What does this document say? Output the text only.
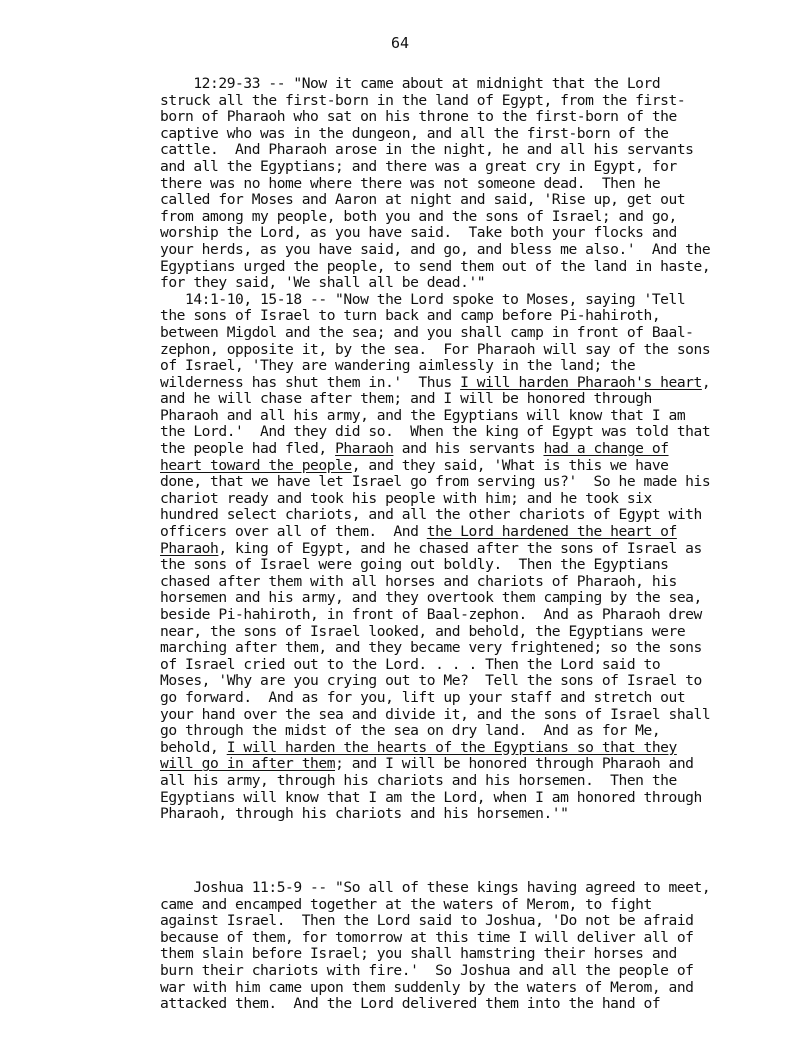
64
12:29-33 -- "Now it came about at midnight that the Lord
struck all the first-born in the land of Egypt, from the first-
born of Pharaoh who sat on his throne to the first-born of the
captive who was in the dungeon, and all the first-born of the
cattle.  And Pharaoh arose in the night, he and all his servants
and all the Egyptians; and there was a great cry in Egypt, for
there was no home where there was not someone dead.  Then he
called for Moses and Aaron at night and said, 'Rise up, get out
from among my people, both you and the sons of Israel; and go,
worship the Lord, as you have said.  Take both your flocks and
your herds, as you have said, and go, and bless me also.'  And the
Egyptians urged the people, to send them out of the land in haste,
for they said, 'We shall all be dead.'"
14:1-10, 15-18 -- "Now the Lord spoke to Moses, saying 'Tell
the sons of Israel to turn back and camp before Pi-hahiroth,
between Migdol and the sea; and you shall camp in front of Baal-
zephon, opposite it, by the sea.  For Pharaoh will say of the sons
of Israel, 'They are wandering aimlessly in the land; the
wilderness has shut them in.'  Thus I will harden Pharaoh's heart,
and he will chase after them; and I will be honored through
Pharaoh and all his army, and the Egyptians will know that I am
the Lord.'  And they did so.  When the king of Egypt was told that
the people had fled, Pharaoh and his servants had a change of
heart toward the people, and they said, 'What is this we have
done, that we have let Israel go from serving us?'  So he made his
chariot ready and took his people with him; and he took six
hundred select chariots, and all the other chariots of Egypt with
officers over all of them.  And the Lord hardened the heart of
Pharaoh, king of Egypt, and he chased after the sons of Israel as
the sons of Israel were going out boldly.  Then the Egyptians
chased after them with all horses and chariots of Pharaoh, his
horsemen and his army, and they overtook them camping by the sea,
beside Pi-hahiroth, in front of Baal-zephon.  And as Pharaoh drew
near, the sons of Israel looked, and behold, the Egyptians were
marching after them, and they became very frightened; so the sons
of Israel cried out to the Lord. . . . Then the Lord said to
Moses, 'Why are you crying out to Me?  Tell the sons of Israel to
go forward.  And as for you, lift up your staff and stretch out
your hand over the sea and divide it, and the sons of Israel shall
go through the midst of the sea on dry land.  And as for Me,
behold, I will harden the hearts of the Egyptians so that they
will go in after them; and I will be honored through Pharaoh and
all his army, through his chariots and his horsemen.  Then the
Egyptians will know that I am the Lord, when I am honored through
Pharaoh, through his chariots and his horsemen.'"
Joshua 11:5-9 -- "So all of these kings having agreed to meet,
came and encamped together at the waters of Merom, to fight
against Israel.  Then the Lord said to Joshua, 'Do not be afraid
because of them, for tomorrow at this time I will deliver all of
them slain before Israel; you shall hamstring their horses and
burn their chariots with fire.'  So Joshua and all the people of
war with him came upon them suddenly by the waters of Merom, and
attacked them.  And the Lord delivered them into the hand of
